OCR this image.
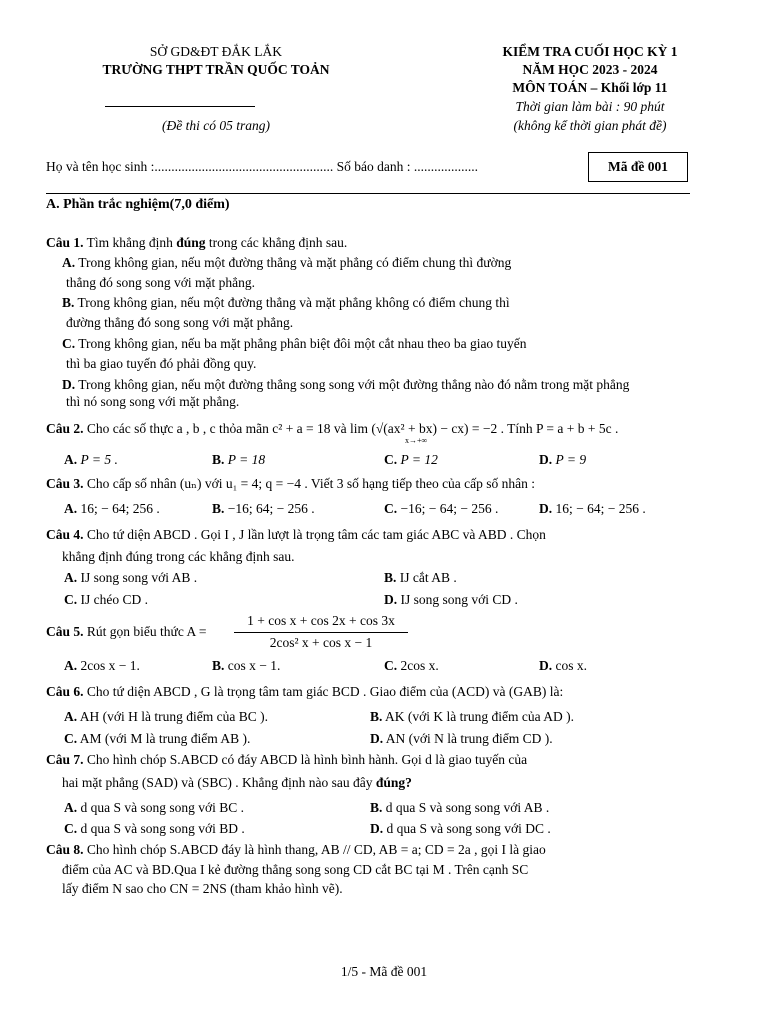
SỞ GD&ĐT ĐẮK LẮK
TRƯỜNG THPT TRẦN QUỐC TOẢN
(Đề thi có 05 trang)
KIỂM TRA CUỐI HỌC KỲ 1
NĂM HỌC 2023 - 2024
MÔN TOÁN – Khối lớp 11
Thời gian làm bài : 90 phút
(không kể thời gian phát đề)
Họ và tên học sinh :..................................................... Số báo danh : ...................	Mã đề 001
A. Phần trắc nghiệm(7,0 điểm)
Câu 1. Tìm khẳng định đúng trong các khẳng định sau.
A. Trong không gian, nếu một đường thẳng và mặt phẳng có điểm chung thì đường
thẳng đó song song với mặt phẳng.
B. Trong không gian, nếu một đường thẳng và mặt phẳng không có điểm chung thì
đường thẳng đó song song với mặt phẳng.
C. Trong không gian, nếu ba mặt phẳng phân biệt đôi một cắt nhau theo ba giao tuyến
thì ba giao tuyến đó phải đồng quy.
D. Trong không gian, nếu một đường thẳng song song với một đường thẳng nào đó nằm trong mặt phẳng
thì nó song song với mặt phẳng.
Câu 2. Cho các số thực a , b , c thỏa mãn c² + a = 18 và lim (√(ax² + bx) − cx) = −2 . Tính P = a + b + 5c .
x→+∞
A. P = 5 .	B. P = 18	C. P = 12	D. P = 9
Câu 3. Cho cấp số nhân (uₙ) với u₁ = 4; q = −4 . Viết 3 số hạng tiếp theo của cấp số nhân :
A. 16; − 64; 256 .	B. −16; 64; − 256 .	C. −16; − 64; − 256 .	D. 16; − 64; − 256 .
Câu 4. Cho tứ diện ABCD . Gọi I , J lần lượt là trọng tâm các tam giác ABC và ABD . Chọn
khẳng định đúng trong các khẳng định sau.
A. IJ song song với AB .	B. IJ cắt AB .
C. IJ chéo CD .	D. IJ song song với CD .
Câu 5. Rút gọn biểu thức A =
1 + cos x + cos 2x + cos 3x
2cos² x + cos x − 1
A. 2cos x − 1.	B. cos x − 1.	C. 2cos x.	D. cos x.
Câu 6. Cho tứ diện ABCD , G là trọng tâm tam giác BCD . Giao điểm của (ACD) và (GAB) là:
A. AH (với H là trung điểm của BC ).	B. AK (với K là trung điểm của AD ).
C. AM (với M là trung điểm AB ).	D. AN (với N là trung điểm CD ).
Câu 7. Cho hình chóp S.ABCD có đáy ABCD là hình bình hành. Gọi d là giao tuyến của
hai mặt phẳng (SAD) và (SBC) . Khẳng định nào sau đây đúng?
A. d qua S và song song với BC .	B. d qua S và song song với AB .
C. d qua S và song song với BD .	D. d qua S và song song với DC .
Câu 8. Cho hình chóp S.ABCD đáy là hình thang, AB // CD, AB = a; CD = 2a , gọi I là giao
điểm của AC và BD.Qua I kẻ đường thẳng song song CD cắt BC tại M . Trên cạnh SC
lấy điểm N sao cho CN = 2NS (tham khảo hình vẽ).
1/5 - Mã đề 001
